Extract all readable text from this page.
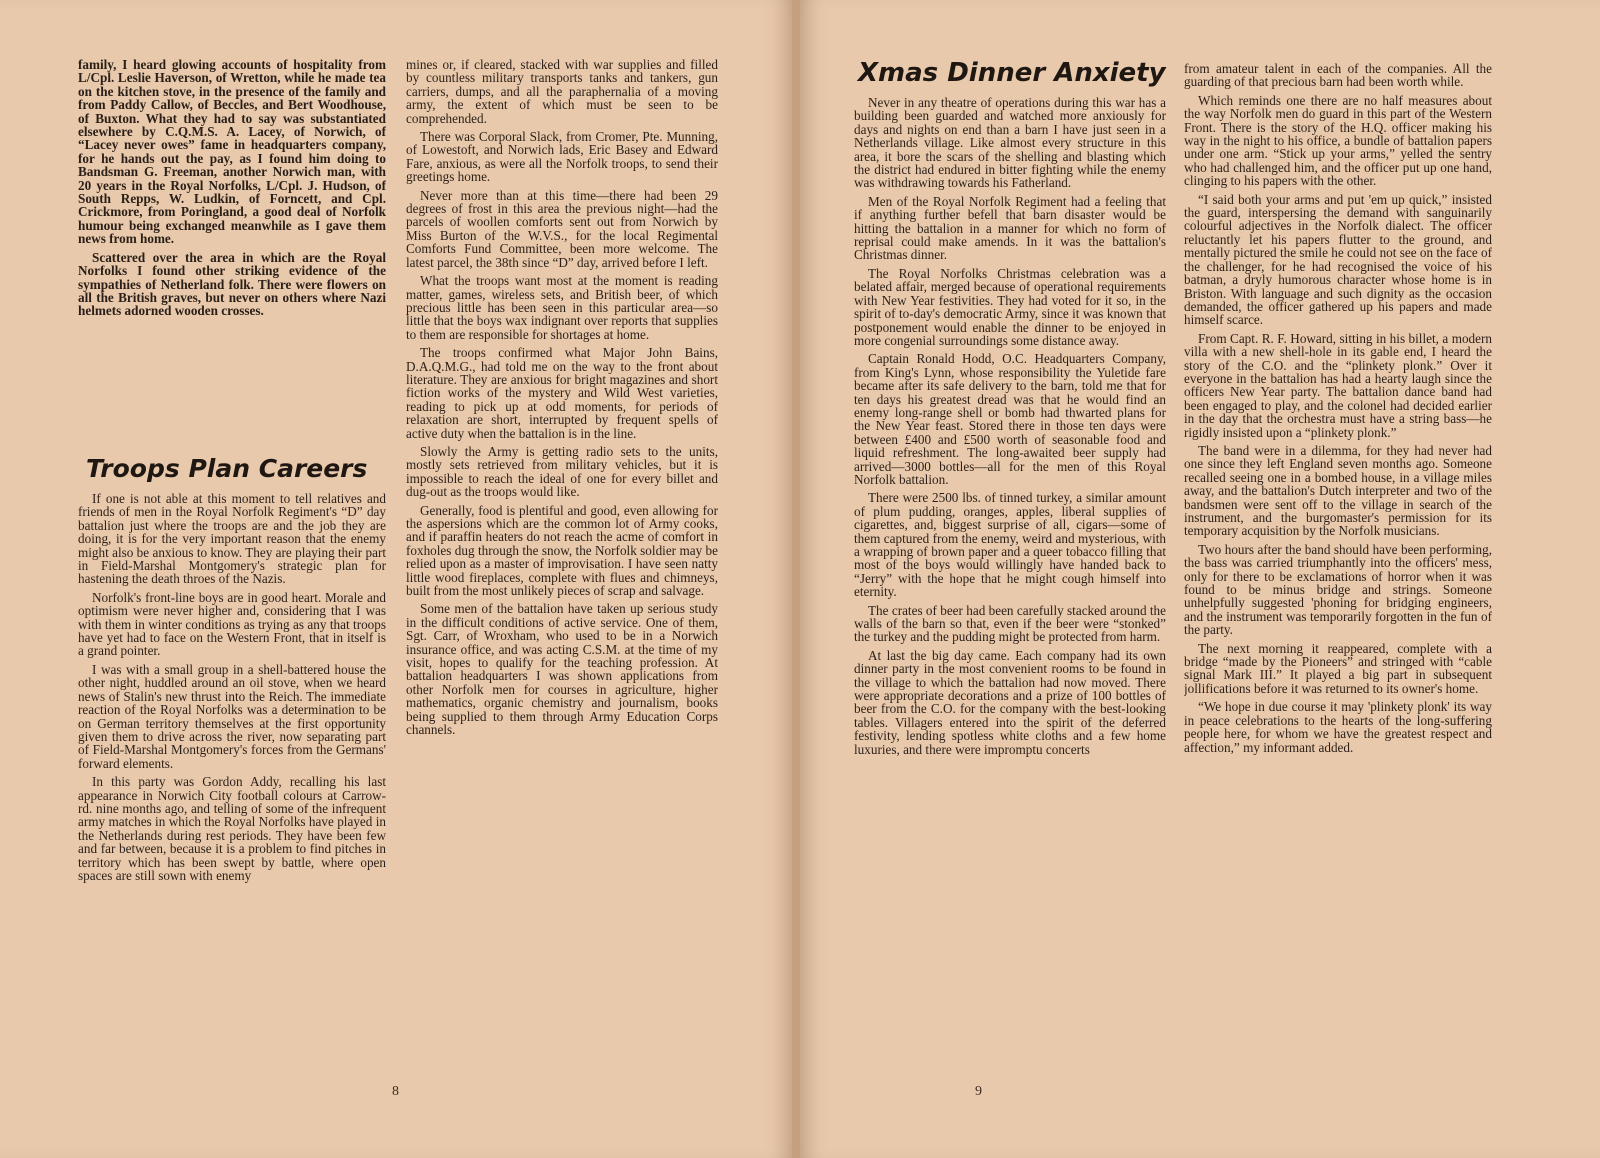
family, I heard glowing accounts of hospitality from L/Cpl. Leslie Haverson, of Wretton, while he made tea on the kitchen stove, in the presence of the family and from Paddy Callow, of Beccles, and Bert Woodhouse, of Buxton. What they had to say was substantiated elsewhere by C.Q.M.S. A. Lacey, of Norwich, of “Lacey never owes” fame in headquarters company, for he hands out the pay, as I found him doing to Bandsman G. Freeman, another Norwich man, with 20 years in the Royal Norfolks, L/Cpl. J. Hudson, of South Repps, W. Ludkin, of Forncett, and Cpl. Crickmore, from Poringland, a good deal of Norfolk humour being exchanged meanwhile as I gave them news from home.

Scattered over the area in which are the Royal Norfolks I found other striking evidence of the sympathies of Netherland folk. There were flowers on all the British graves, but never on others where Nazi helmets adorned wooden crosses.

Troops Plan Careers

If one is not able at this moment to tell relatives and friends of men in the Royal Norfolk Regiment's “D” day battalion just where the troops are and the job they are doing, it is for the very important reason that the enemy might also be anxious to know. They are playing their part in Field-Marshal Montgomery's strategic plan for hastening the death throes of the Nazis.

Norfolk's front-line boys are in good heart. Morale and optimism were never higher and, considering that I was with them in winter conditions as trying as any that troops have yet had to face on the Western Front, that in itself is a grand pointer.

I was with a small group in a shell-battered house the other night, huddled around an oil stove, when we heard news of Stalin's new thrust into the Reich. The immediate reaction of the Royal Norfolks was a determination to be on German territory themselves at the first opportunity given them to drive across the river, now separating part of Field-Marshal Montgomery's forces from the Germans' forward elements.

In this party was Gordon Addy, recalling his last appearance in Norwich City football colours at Carrow-rd. nine months ago, and telling of some of the infrequent army matches in which the Royal Norfolks have played in the Netherlands during rest periods. They have been few and far between, because it is a problem to find pitches in territory which has been swept by battle, where open spaces are still sown with enemy

mines or, if cleared, stacked with war supplies and filled by countless military transports tanks and tankers, gun carriers, dumps, and all the paraphernalia of a moving army, the extent of which must be seen to be comprehended.

There was Corporal Slack, from Cromer, Pte. Munning, of Lowestoft, and Norwich lads, Eric Basey and Edward Fare, anxious, as were all the Norfolk troops, to send their greetings home.

Never more than at this time—there had been 29 degrees of frost in this area the previous night—had the parcels of woollen comforts sent out from Norwich by Miss Burton of the W.V.S., for the local Regimental Comforts Fund Committee, been more welcome. The latest parcel, the 38th since “D” day, arrived before I left.

What the troops want most at the moment is reading matter, games, wireless sets, and British beer, of which precious little has been seen in this particular area—so little that the boys wax indignant over reports that supplies to them are responsible for shortages at home.

The troops confirmed what Major John Bains, D.A.Q.M.G., had told me on the way to the front about literature. They are anxious for bright magazines and short fiction works of the mystery and Wild West varieties, reading to pick up at odd moments, for periods of relaxation are short, interrupted by frequent spells of active duty when the battalion is in the line.

Slowly the Army is getting radio sets to the units, mostly sets retrieved from military vehicles, but it is impossible to reach the ideal of one for every billet and dug-out as the troops would like.

Generally, food is plentiful and good, even allowing for the aspersions which are the common lot of Army cooks, and if paraffin heaters do not reach the acme of comfort in foxholes dug through the snow, the Norfolk soldier may be relied upon as a master of improvisation. I have seen natty little wood fireplaces, complete with flues and chimneys, built from the most unlikely pieces of scrap and salvage.

Some men of the battalion have taken up serious study in the difficult conditions of active service. One of them, Sgt. Carr, of Wroxham, who used to be in a Norwich insurance office, and was acting C.S.M. at the time of my visit, hopes to qualify for the teaching profession. At battalion headquarters I was shown applications from other Norfolk men for courses in agriculture, higher mathematics, organic chemistry and journalism, books being supplied to them through Army Education Corps channels.

8
Xmas Dinner Anxiety

Never in any theatre of operations during this war has a building been guarded and watched more anxiously for days and nights on end than a barn I have just seen in a Netherlands village. Like almost every structure in this area, it bore the scars of the shelling and blasting which the district had endured in bitter fighting while the enemy was withdrawing towards his Fatherland.

Men of the Royal Norfolk Regiment had a feeling that if anything further befell that barn disaster would be hitting the battalion in a manner for which no form of reprisal could make amends. In it was the battalion's Christmas dinner.

The Royal Norfolks Christmas celebration was a belated affair, merged because of operational requirements with New Year festivities. They had voted for it so, in the spirit of to-day's democratic Army, since it was known that postponement would enable the dinner to be enjoyed in more congenial surroundings some distance away.

Captain Ronald Hodd, O.C. Headquarters Company, from King's Lynn, whose responsibility the Yuletide fare became after its safe delivery to the barn, told me that for ten days his greatest dread was that he would find an enemy long-range shell or bomb had thwarted plans for the New Year feast. Stored there in those ten days were between £400 and £500 worth of seasonable food and liquid refreshment. The long-awaited beer supply had arrived—3000 bottles—all for the men of this Royal Norfolk battalion.

There were 2500 lbs. of tinned turkey, a similar amount of plum pudding, oranges, apples, liberal supplies of cigarettes, and, biggest surprise of all, cigars—some of them captured from the enemy, weird and mysterious, with a wrapping of brown paper and a queer tobacco filling that most of the boys would willingly have handed back to “Jerry” with the hope that he might cough himself into eternity.

The crates of beer had been carefully stacked around the walls of the barn so that, even if the beer were “stonked” the turkey and the pudding might be protected from harm.

At last the big day came. Each company had its own dinner party in the most convenient rooms to be found in the village to which the battalion had now moved. There were appropriate decorations and a prize of 100 bottles of beer from the C.O. for the company with the best-looking tables. Villagers entered into the spirit of the deferred festivity, lending spotless white cloths and a few home luxuries, and there were impromptu concerts

from amateur talent in each of the companies. All the guarding of that precious barn had been worth while.

Which reminds one there are no half measures about the way Norfolk men do guard in this part of the Western Front. There is the story of the H.Q. officer making his way in the night to his office, a bundle of battalion papers under one arm. “Stick up your arms,” yelled the sentry who had challenged him, and the officer put up one hand, clinging to his papers with the other.

“I said both your arms and put 'em up quick,” insisted the guard, interspersing the demand with sanguinarily colourful adjectives in the Norfolk dialect. The officer reluctantly let his papers flutter to the ground, and mentally pictured the smile he could not see on the face of the challenger, for he had recognised the voice of his batman, a dryly humorous character whose home is in Briston. With language and such dignity as the occasion demanded, the officer gathered up his papers and made himself scarce.

From Capt. R. F. Howard, sitting in his billet, a modern villa with a new shell-hole in its gable end, I heard the story of the C.O. and the “plinkety plonk.” Over it everyone in the battalion has had a hearty laugh since the officers New Year party. The battalion dance band had been engaged to play, and the colonel had decided earlier in the day that the orchestra must have a string bass—he rigidly insisted upon a “plinkety plonk.”

The band were in a dilemma, for they had never had one since they left England seven months ago. Someone recalled seeing one in a bombed house, in a village miles away, and the battalion's Dutch interpreter and two of the bandsmen were sent off to the village in search of the instrument, and the burgomaster's permission for its temporary acquisition by the Norfolk musicians.

Two hours after the band should have been performing, the bass was carried triumphantly into the officers' mess, only for there to be exclamations of horror when it was found to be minus bridge and strings. Someone unhelpfully suggested 'phoning for bridging engineers, and the instrument was temporarily forgotten in the fun of the party.

The next morning it reappeared, complete with a bridge “made by the Pioneers” and stringed with “cable signal Mark III.” It played a big part in subsequent jollifications before it was returned to its owner's home.

“We hope in due course it may 'plinkety plonk' its way in peace celebrations to the hearts of the long-suffering people here, for whom we have the greatest respect and affection,” my informant added.

9
